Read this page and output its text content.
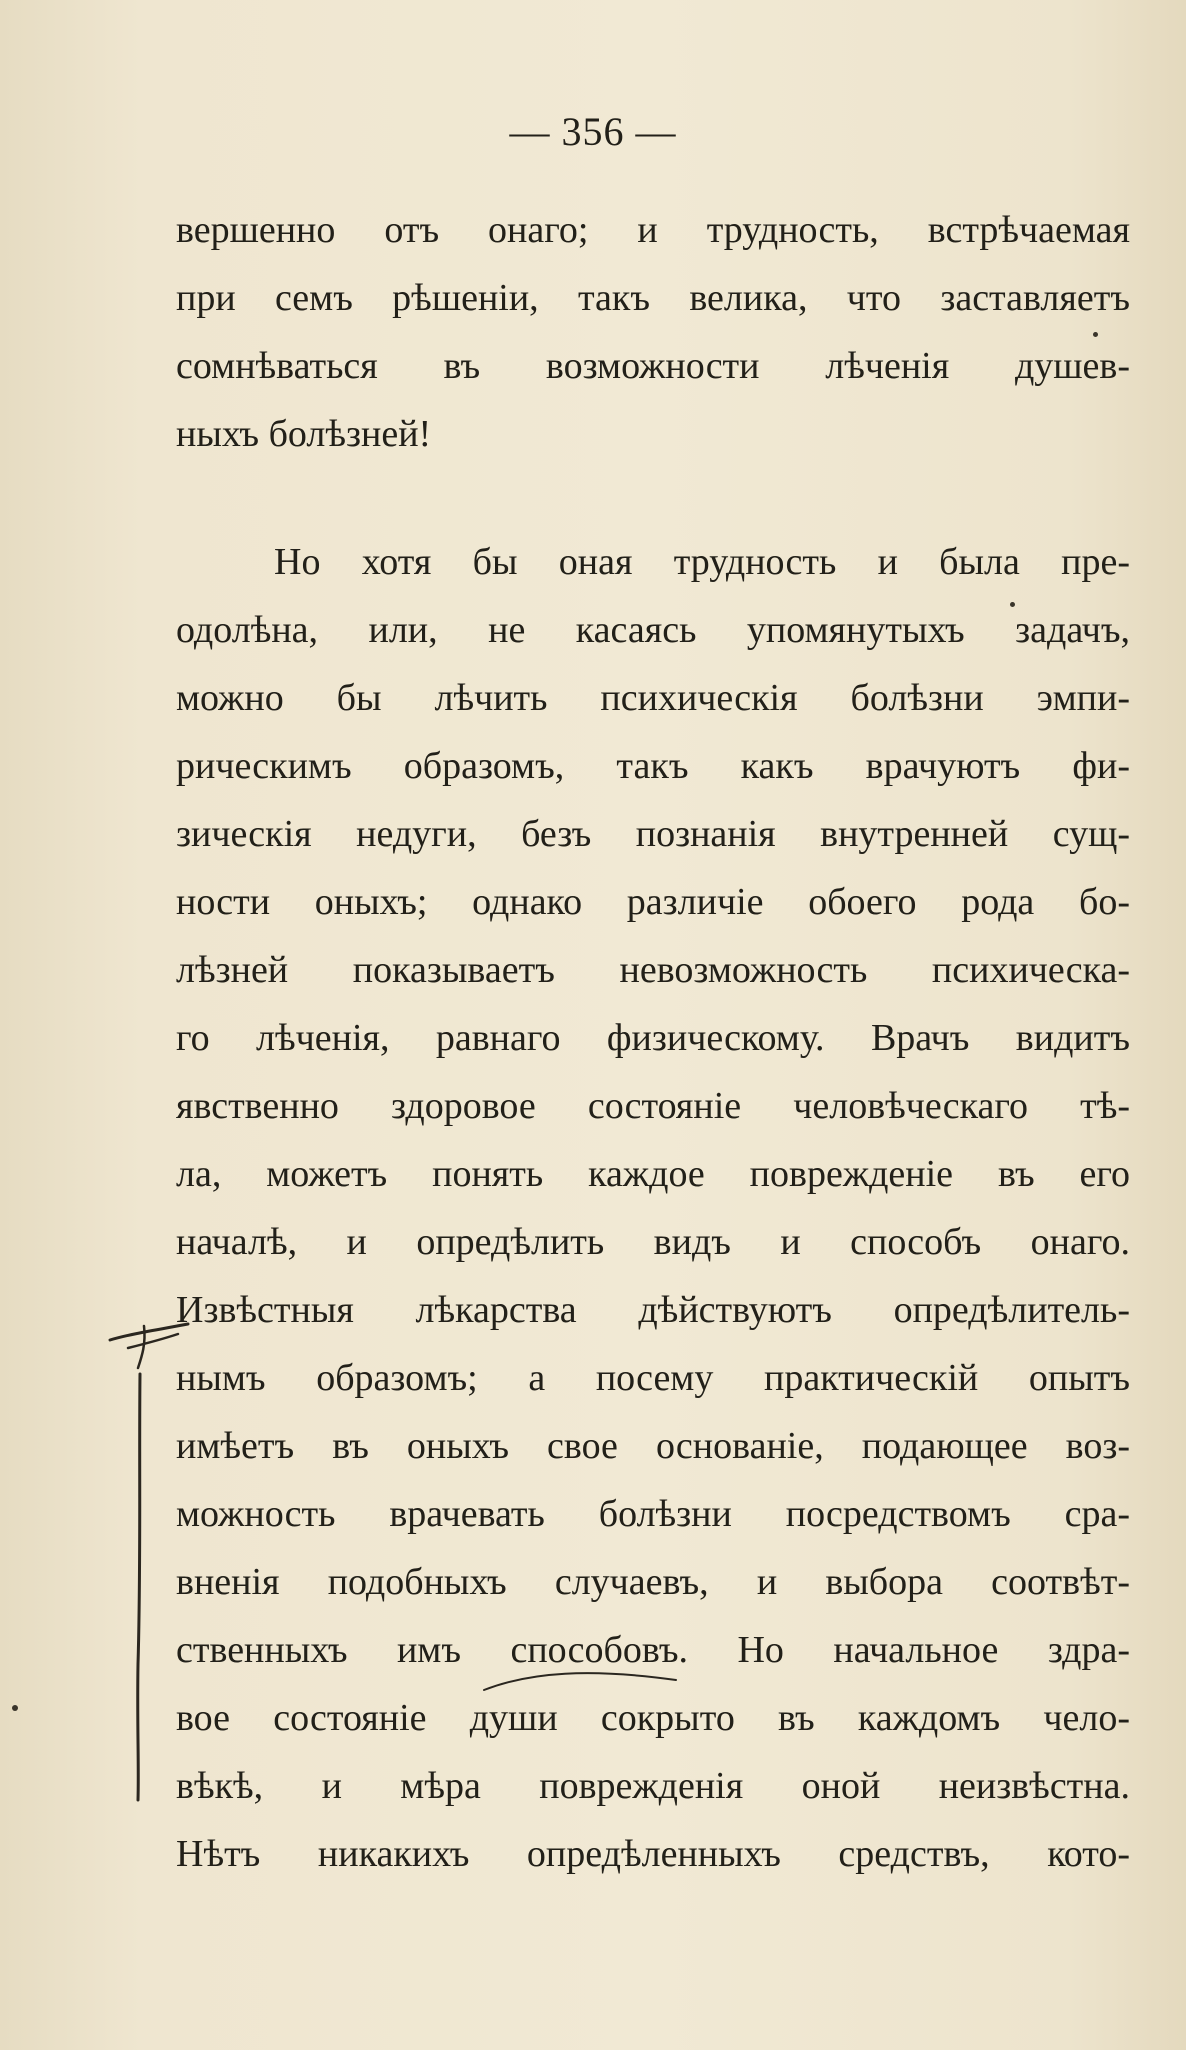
— 356 —
вершенно отъ онаго; и трудность, встрѣчаемая
при семъ рѣшеніи, такъ велика, что заставляетъ
сомнѣваться въ возможности лѣченія душев-
ныхъ болѣзней!
Но хотя бы оная трудность и была пре-
одолѣна, или, не касаясь упомянутыхъ задачъ,
можно бы лѣчить психическія болѣзни эмпи-
рическимъ образомъ, такъ какъ врачуютъ фи-
зическія недуги, безъ познанія внутренней сущ-
ности оныхъ; однако различіе обоего рода бо-
лѣзней показываетъ невозможность психическа-
го лѣченія, равнаго физическому. Врачъ видитъ
явственно здоровое состояніе человѣческаго тѣ-
ла, можетъ понять каждое поврежденіе въ его
началѣ, и опредѣлить видъ и способъ онаго.
Извѣстныя лѣкарства дѣйствуютъ опредѣлитель-
нымъ образомъ; а посему практическій опытъ
имѣетъ въ оныхъ свое основаніе, подающее воз-
можность врачевать болѣзни посредствомъ сра-
вненія подобныхъ случаевъ, и выбора соотвѣт-
ственныхъ имъ способовъ. Но начальное здра-
вое состояніе души сокрыто въ каждомъ чело-
вѣкѣ, и мѣра поврежденія оной неизвѣстна.
Нѣтъ никакихъ опредѣленныхъ средствъ, кото-
